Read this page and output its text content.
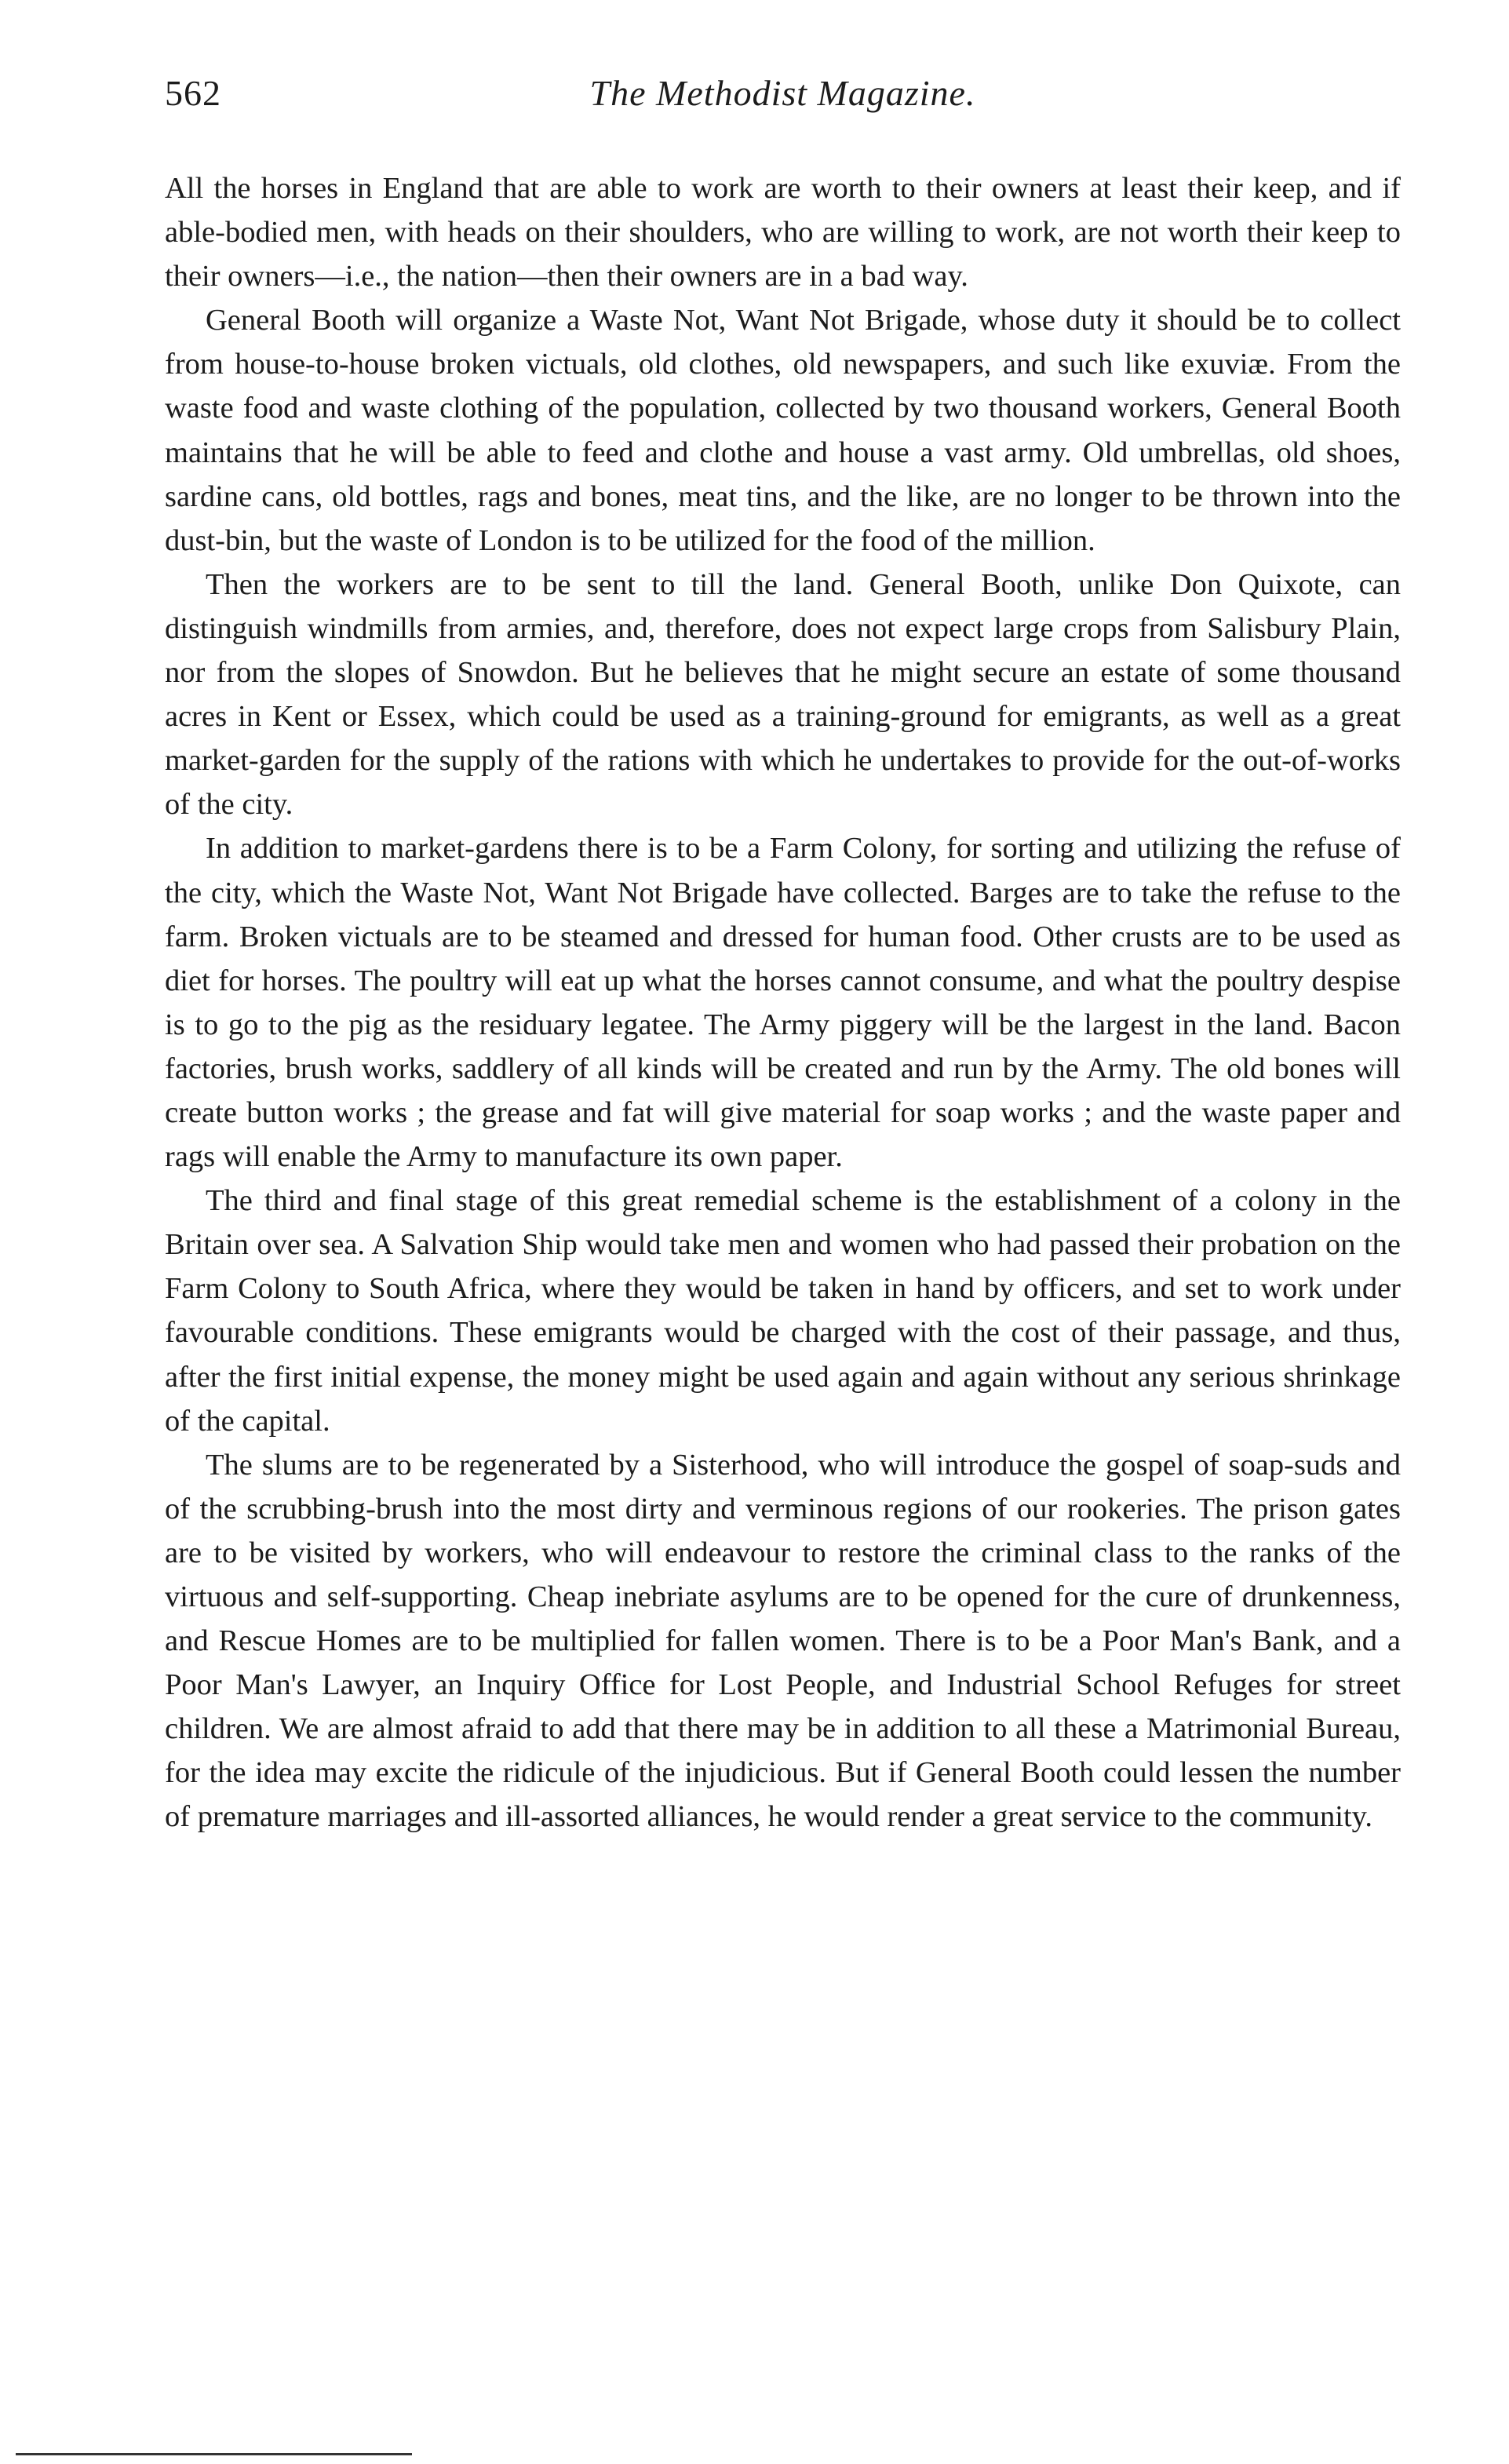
562	The Methodist Magazine.

All the horses in England that are able to work are worth to their owners at least their keep, and if able-bodied men, with heads on their shoulders, who are willing to work, are not worth their keep to their owners—i.e., the nation—then their owners are in a bad way.

General Booth will organize a Waste Not, Want Not Brigade, whose duty it should be to collect from house-to-house broken victuals, old clothes, old newspapers, and such like exuviæ. From the waste food and waste clothing of the population, collected by two thousand workers, General Booth maintains that he will be able to feed and clothe and house a vast army. Old umbrellas, old shoes, sardine cans, old bottles, rags and bones, meat tins, and the like, are no longer to be thrown into the dust-bin, but the waste of London is to be utilized for the food of the million.

Then the workers are to be sent to till the land. General Booth, unlike Don Quixote, can distinguish windmills from armies, and, therefore, does not expect large crops from Salisbury Plain, nor from the slopes of Snowdon. But he believes that he might secure an estate of some thousand acres in Kent or Essex, which could be used as a training-ground for emigrants, as well as a great market-garden for the supply of the rations with which he undertakes to provide for the out-of-works of the city.

In addition to market-gardens there is to be a Farm Colony, for sorting and utilizing the refuse of the city, which the Waste Not, Want Not Brigade have collected. Barges are to take the refuse to the farm. Broken victuals are to be steamed and dressed for human food. Other crusts are to be used as diet for horses. The poultry will eat up what the horses cannot consume, and what the poultry despise is to go to the pig as the residuary legatee. The Army piggery will be the largest in the land. Bacon factories, brush works, saddlery of all kinds will be created and run by the Army. The old bones will create button works ; the grease and fat will give material for soap works ; and the waste paper and rags will enable the Army to manufacture its own paper.

The third and final stage of this great remedial scheme is the establishment of a colony in the Britain over sea. A Salvation Ship would take men and women who had passed their probation on the Farm Colony to South Africa, where they would be taken in hand by officers, and set to work under favourable conditions. These emigrants would be charged with the cost of their passage, and thus, after the first initial expense, the money might be used again and again without any serious shrinkage of the capital.

The slums are to be regenerated by a Sisterhood, who will introduce the gospel of soap-suds and of the scrubbing-brush into the most dirty and verminous regions of our rookeries. The prison gates are to be visited by workers, who will endeavour to restore the criminal class to the ranks of the virtuous and self-supporting. Cheap inebriate asylums are to be opened for the cure of drunkenness, and Rescue Homes are to be multiplied for fallen women. There is to be a Poor Man's Bank, and a Poor Man's Lawyer, an Inquiry Office for Lost People, and Industrial School Refuges for street children. We are almost afraid to add that there may be in addition to all these a Matrimonial Bureau, for the idea may excite the ridicule of the injudicious. But if General Booth could lessen the number of premature marriages and ill-assorted alliances, he would render a great service to the community.
